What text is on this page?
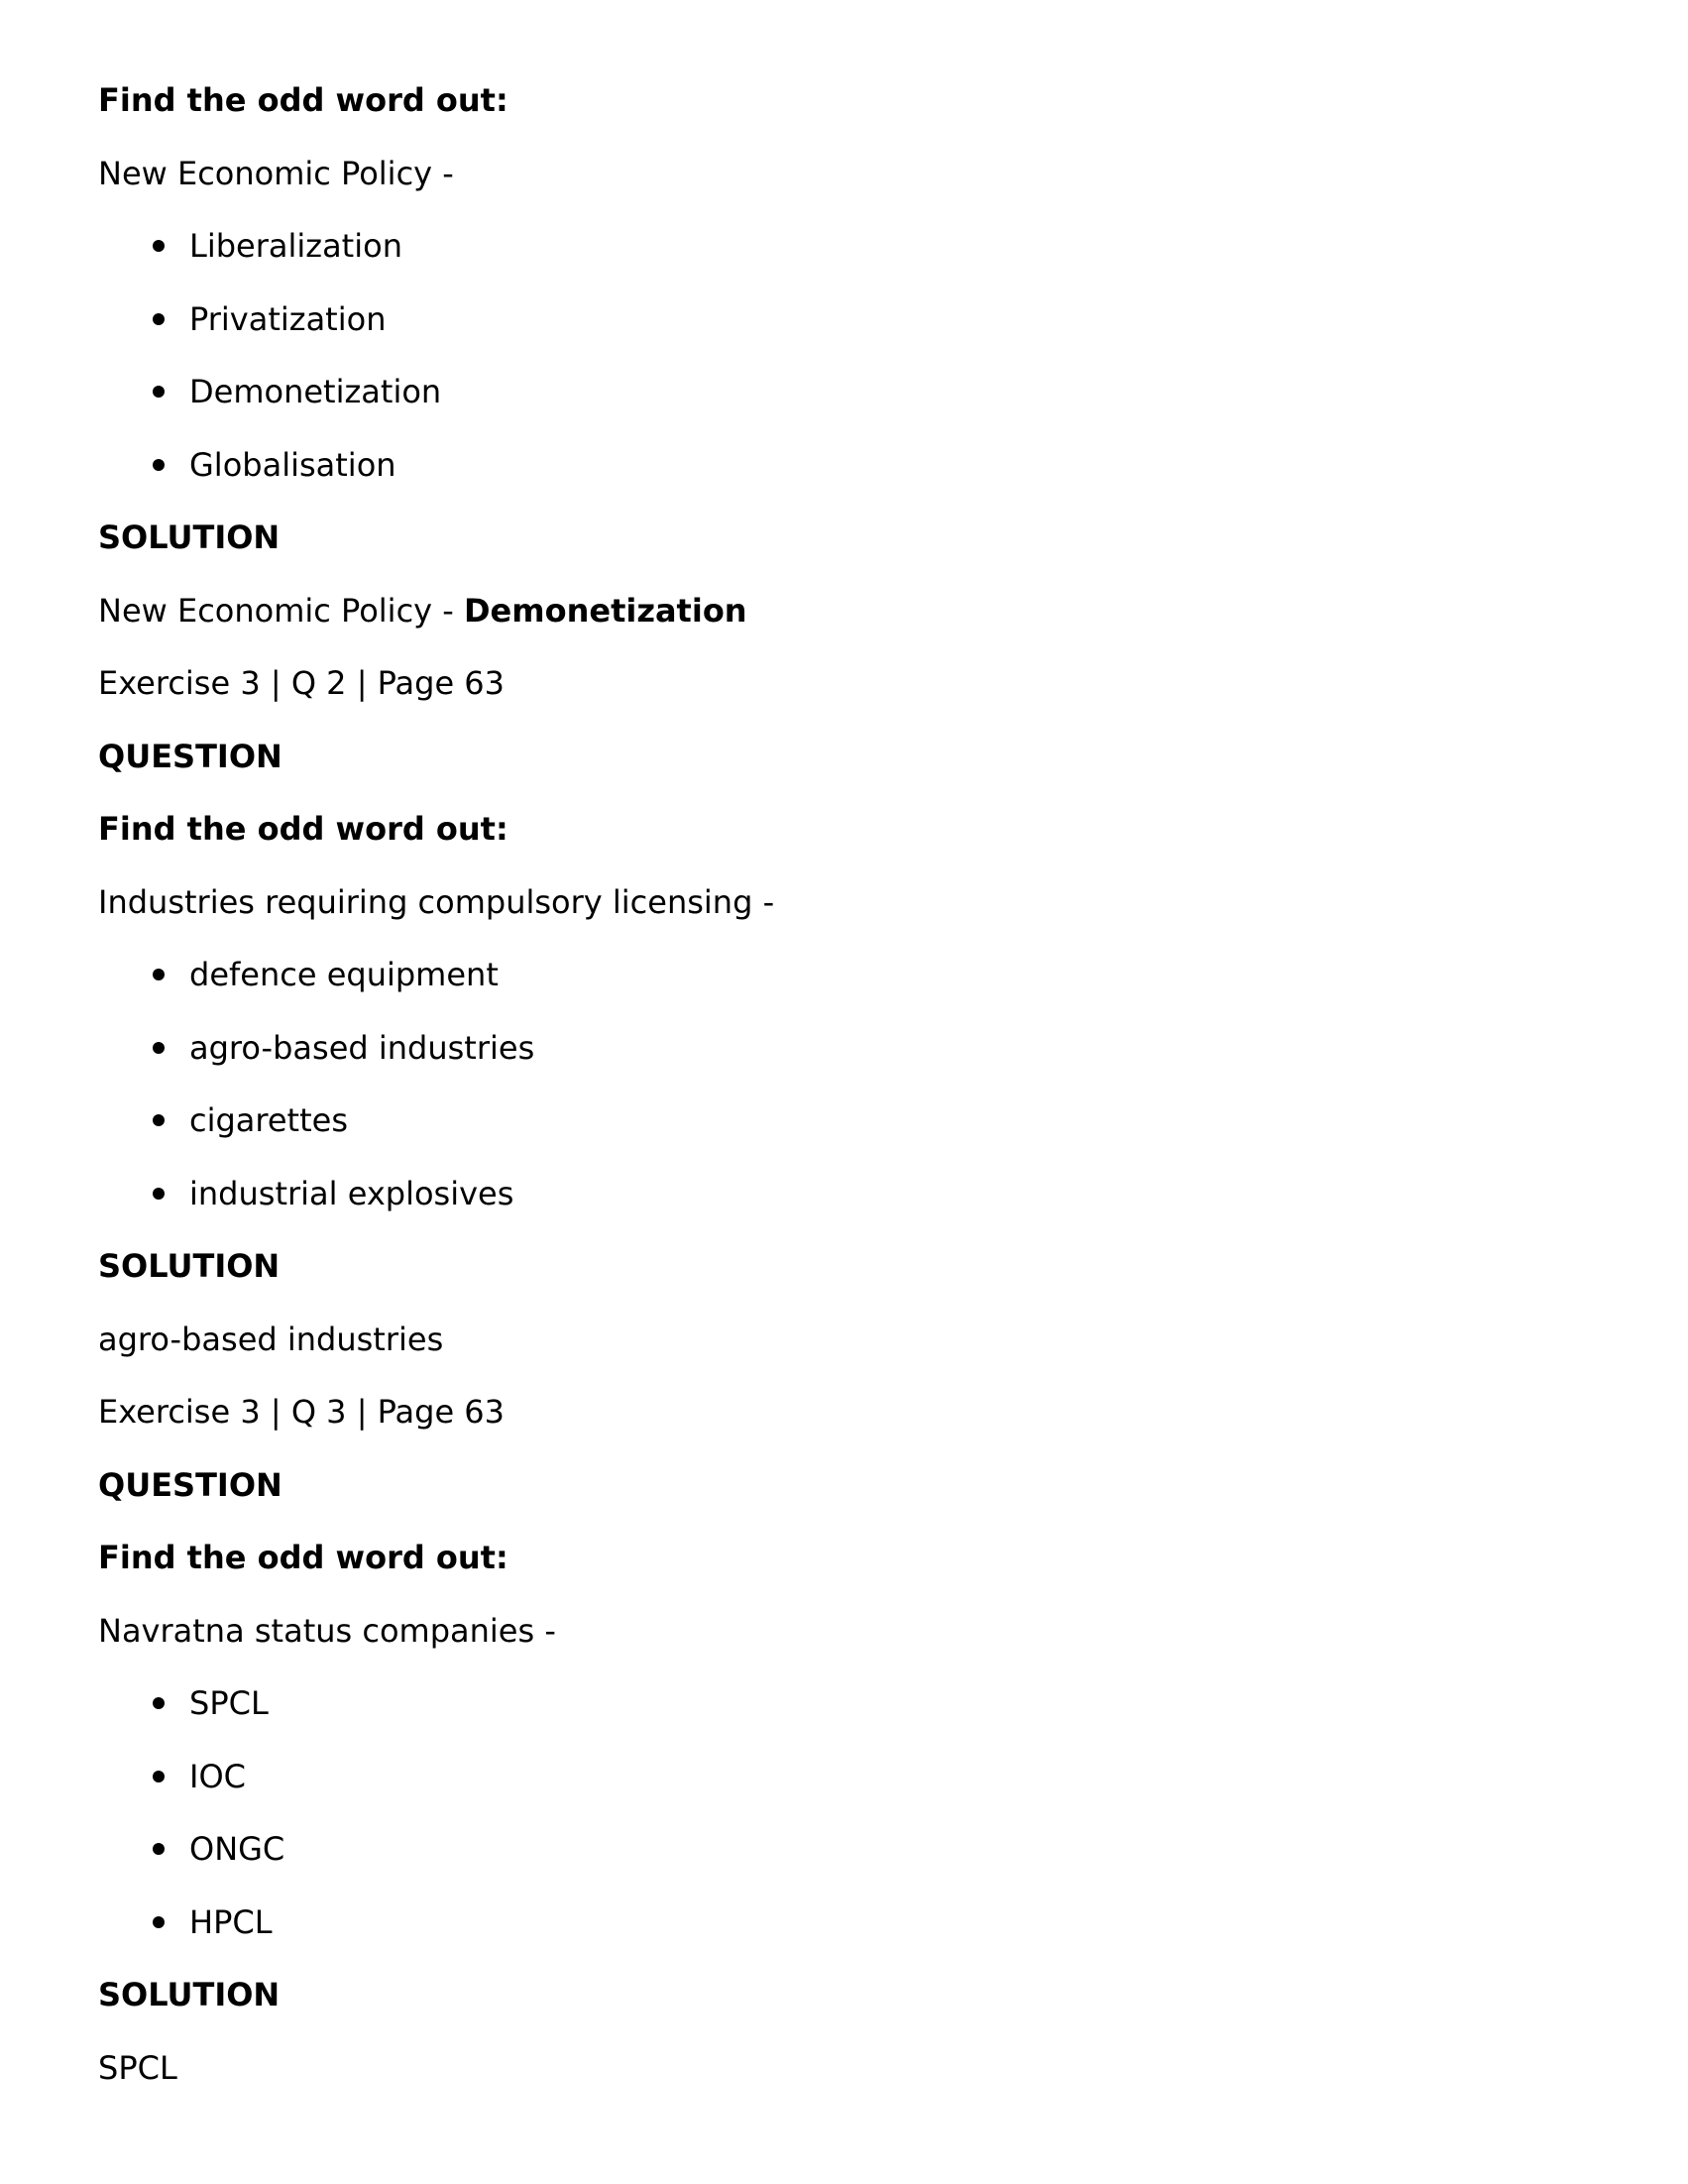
Find the odd word out:
New Economic Policy -
Liberalization
Privatization
Demonetization
Globalisation
SOLUTION
New Economic Policy - Demonetization
Exercise 3 | Q 2 | Page 63
QUESTION
Find the odd word out:
Industries requiring compulsory licensing -
defence equipment
agro-based industries
cigarettes
industrial explosives
SOLUTION
agro-based industries
Exercise 3 | Q 3 | Page 63
QUESTION
Find the odd word out:
Navratna status companies -
SPCL
IOC
ONGC
HPCL
SOLUTION
SPCL
